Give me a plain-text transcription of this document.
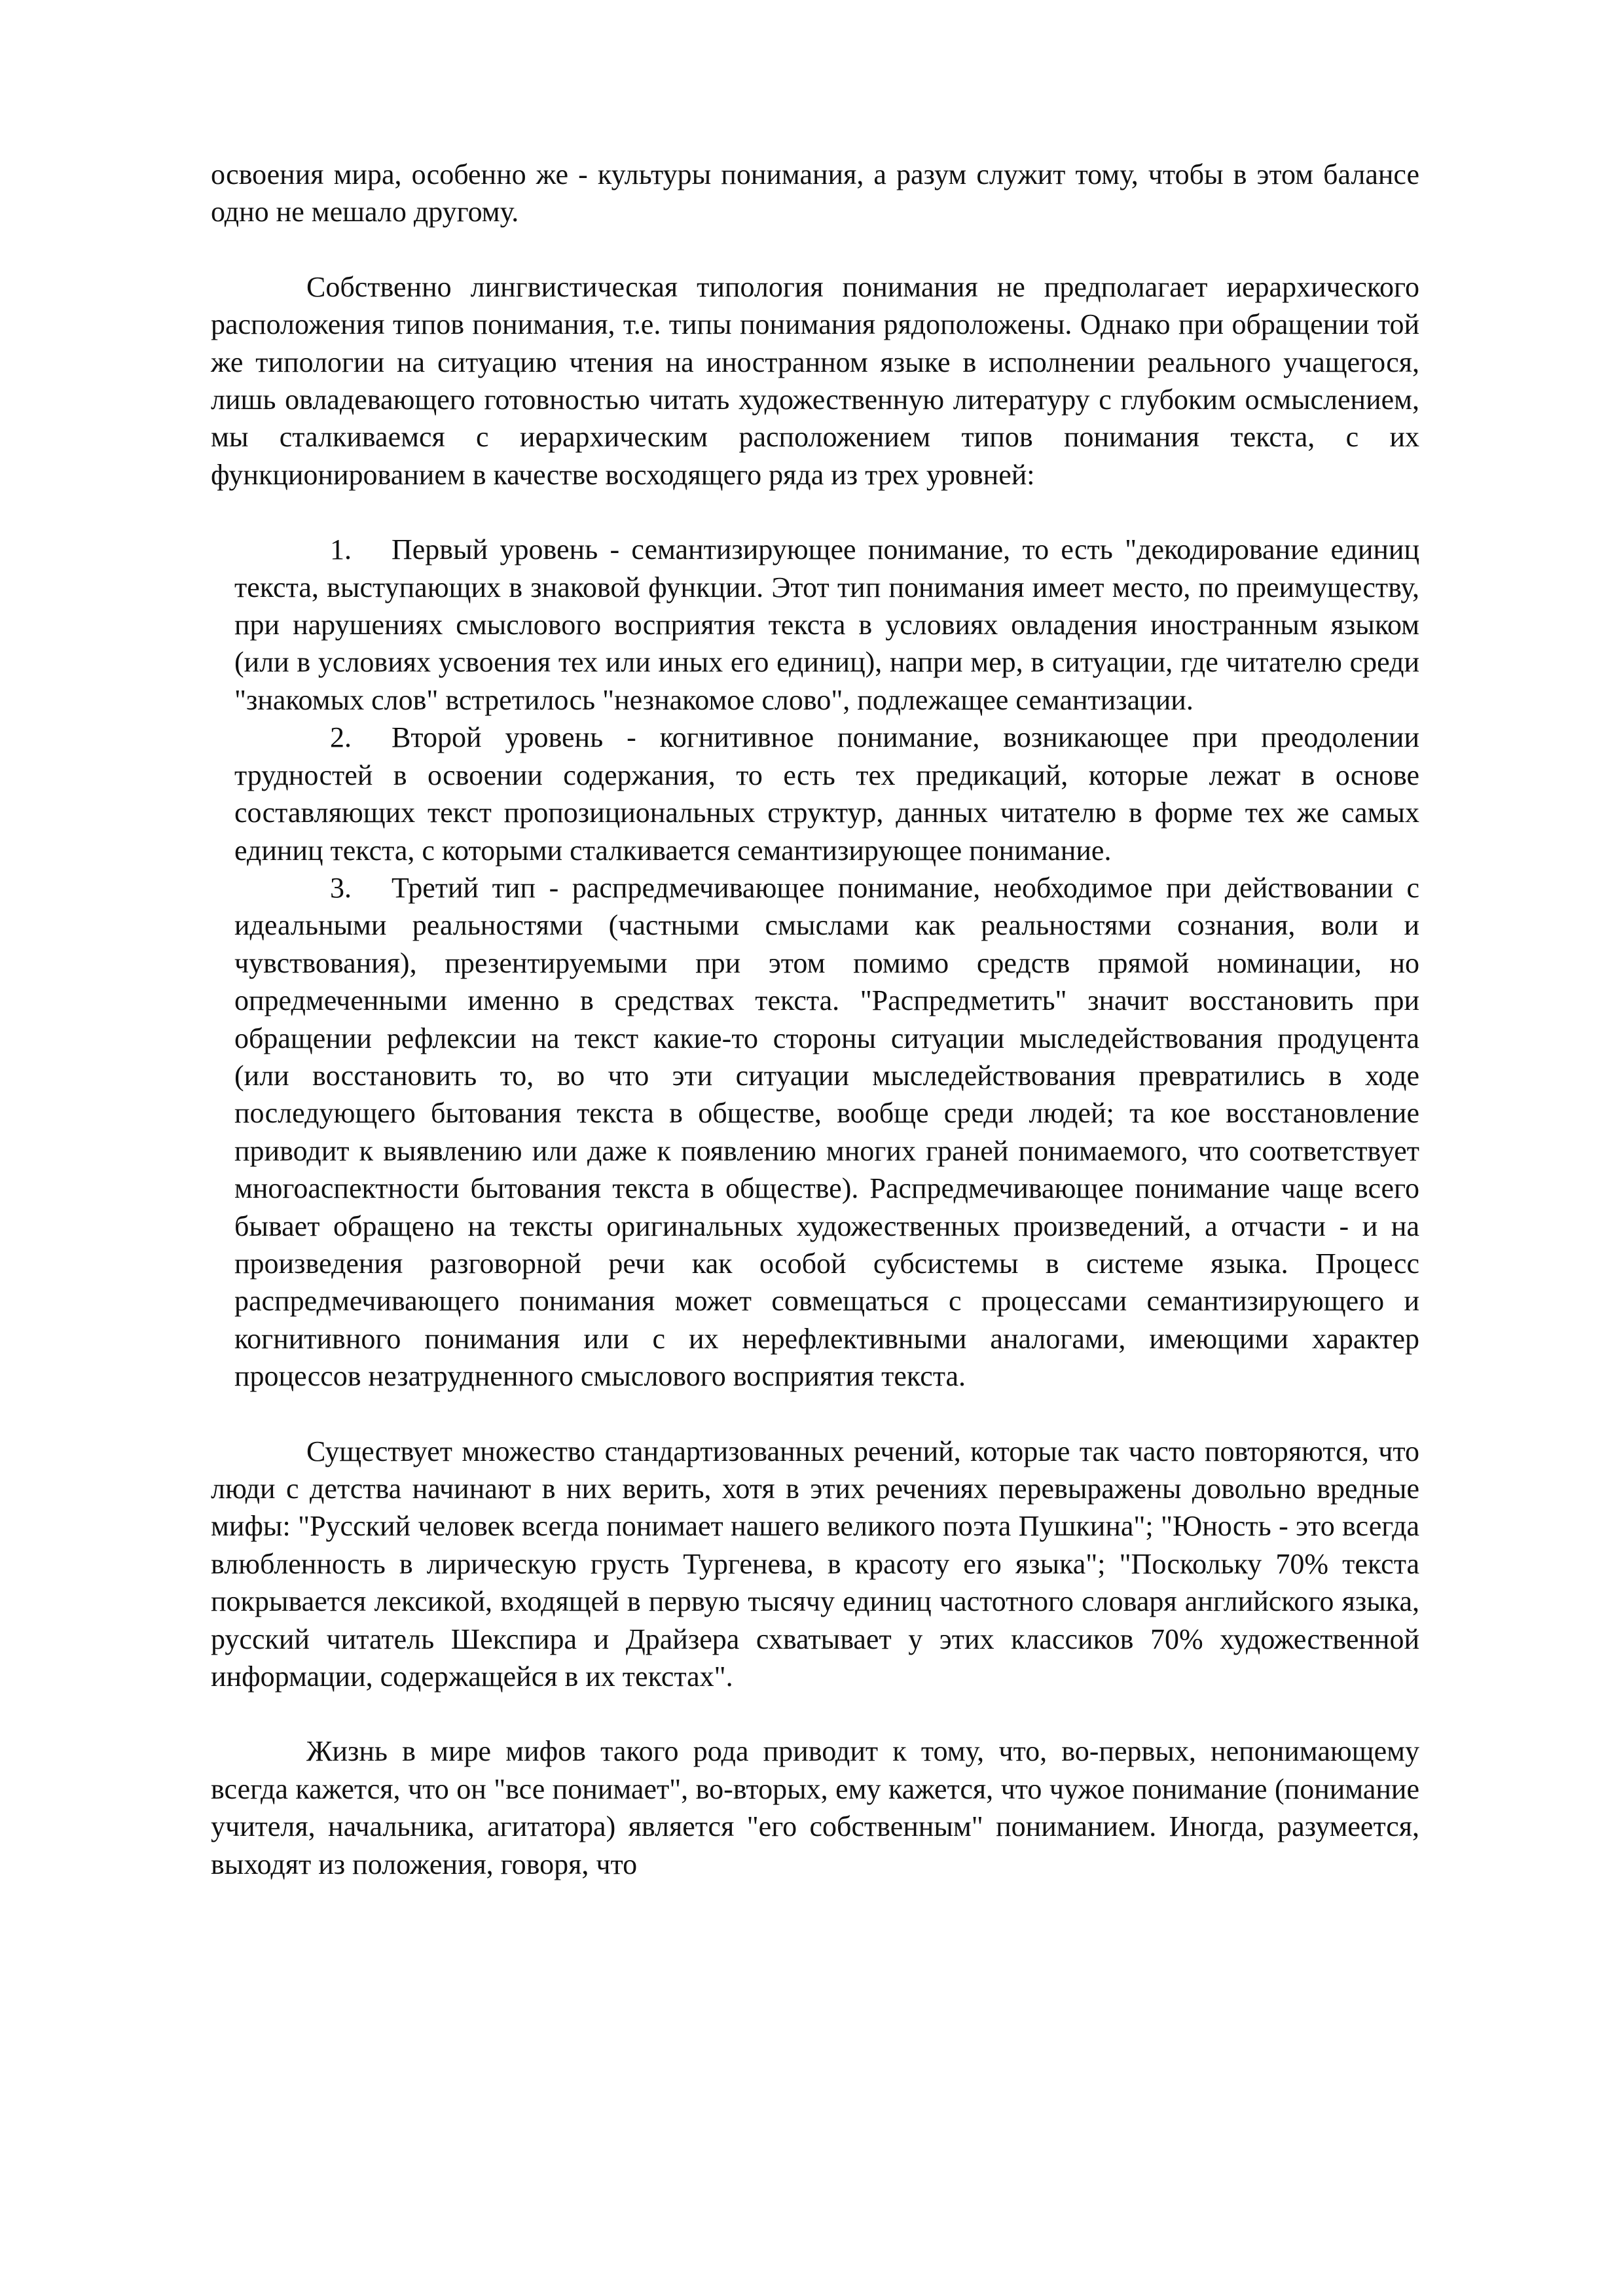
освоения мира, особенно же - культуры понимания, а разум служит тому, чтобы в этом балансе одно не мешало другому.

Собственно лингвистическая типология понимания не предполагает иерархического расположения типов понимания, т.е. типы понимания рядоположены. Однако при обращении той же типологии на ситуацию чтения на иностранном языке в исполнении реального учащегося, лишь овладевающего готовностью читать художественную литературу с глубоким осмыслением, мы сталкиваемся с иерархическим расположением типов понимания текста, с их функционированием в качестве восходящего ряда из трех уровней:

1. Первый уровень - семантизирующее понимание, то есть "декодирование единиц текста, выступающих в знаковой функции. Этот тип понимания имеет место, по преимуществу, при нарушениях смыслового восприятия текста в условиях овладения иностранным языком (или в условиях усвоения тех или иных его единиц), напри мер, в ситуации, где читателю среди "знакомых слов" встретилось "незнакомое слово", подлежащее семантизации.

2. Второй уровень - когнитивное понимание, возникающее при преодолении трудностей в освоении содержания, то есть тех предикаций, которые лежат в основе составляющих текст пропозициональных структур, данных читателю в форме тех же самых единиц текста, с которыми сталкивается семантизирующее понимание.

3. Третий тип - распредмечивающее понимание, необходимое при действовании с идеальными реальностями (частными смыслами как реальностями сознания, воли и чувствования), презентируемыми при этом помимо средств прямой номинации, но опредмеченными именно в средствах текста. "Распредметить" значит восстановить при обращении рефлексии на текст какие-то стороны ситуации мыследействования продуцента (или восстановить то, во что эти ситуации мыследействования превратились в ходе последующего бытования текста в обществе, вообще среди людей; та кое восстановление приводит к выявлению или даже к появлению многих граней понимаемого, что соответствует многоаспектности бытования текста в обществе). Распредмечивающее понимание чаще всего бывает обращено на тексты оригинальных художественных произведений, а отчасти - и на произведения разговорной речи как особой субсистемы в системе языка. Процесс распредмечивающего понимания может совмещаться с процессами семантизирующего и когнитивного понимания или с их нерефлективными аналогами, имеющими характер процессов незатрудненного смыслового восприятия текста.

Существует множество стандартизованных речений, которые так часто повторяются, что люди с детства начинают в них верить, хотя в этих речениях перевыражены довольно вредные мифы: "Русский человек всегда понимает нашего великого поэта Пушкина"; "Юность - это всегда влюбленность в лирическую грусть Тургенева, в красоту его языка"; "Поскольку 70% текста покрывается лексикой, входящей в первую тысячу единиц частотного словаря английского языка, русский читатель Шекспира и Драйзера схватывает у этих классиков 70% художественной информации, содержащейся в их текстах".

Жизнь в мире мифов такого рода приводит к тому, что, во-первых, непонимающему всегда кажется, что он "все понимает", во-вторых, ему кажется, что чужое понимание (понимание учителя, начальника, агитатора) является "его собственным" пониманием. Иногда, разумеется, выходят из положения, говоря, что
